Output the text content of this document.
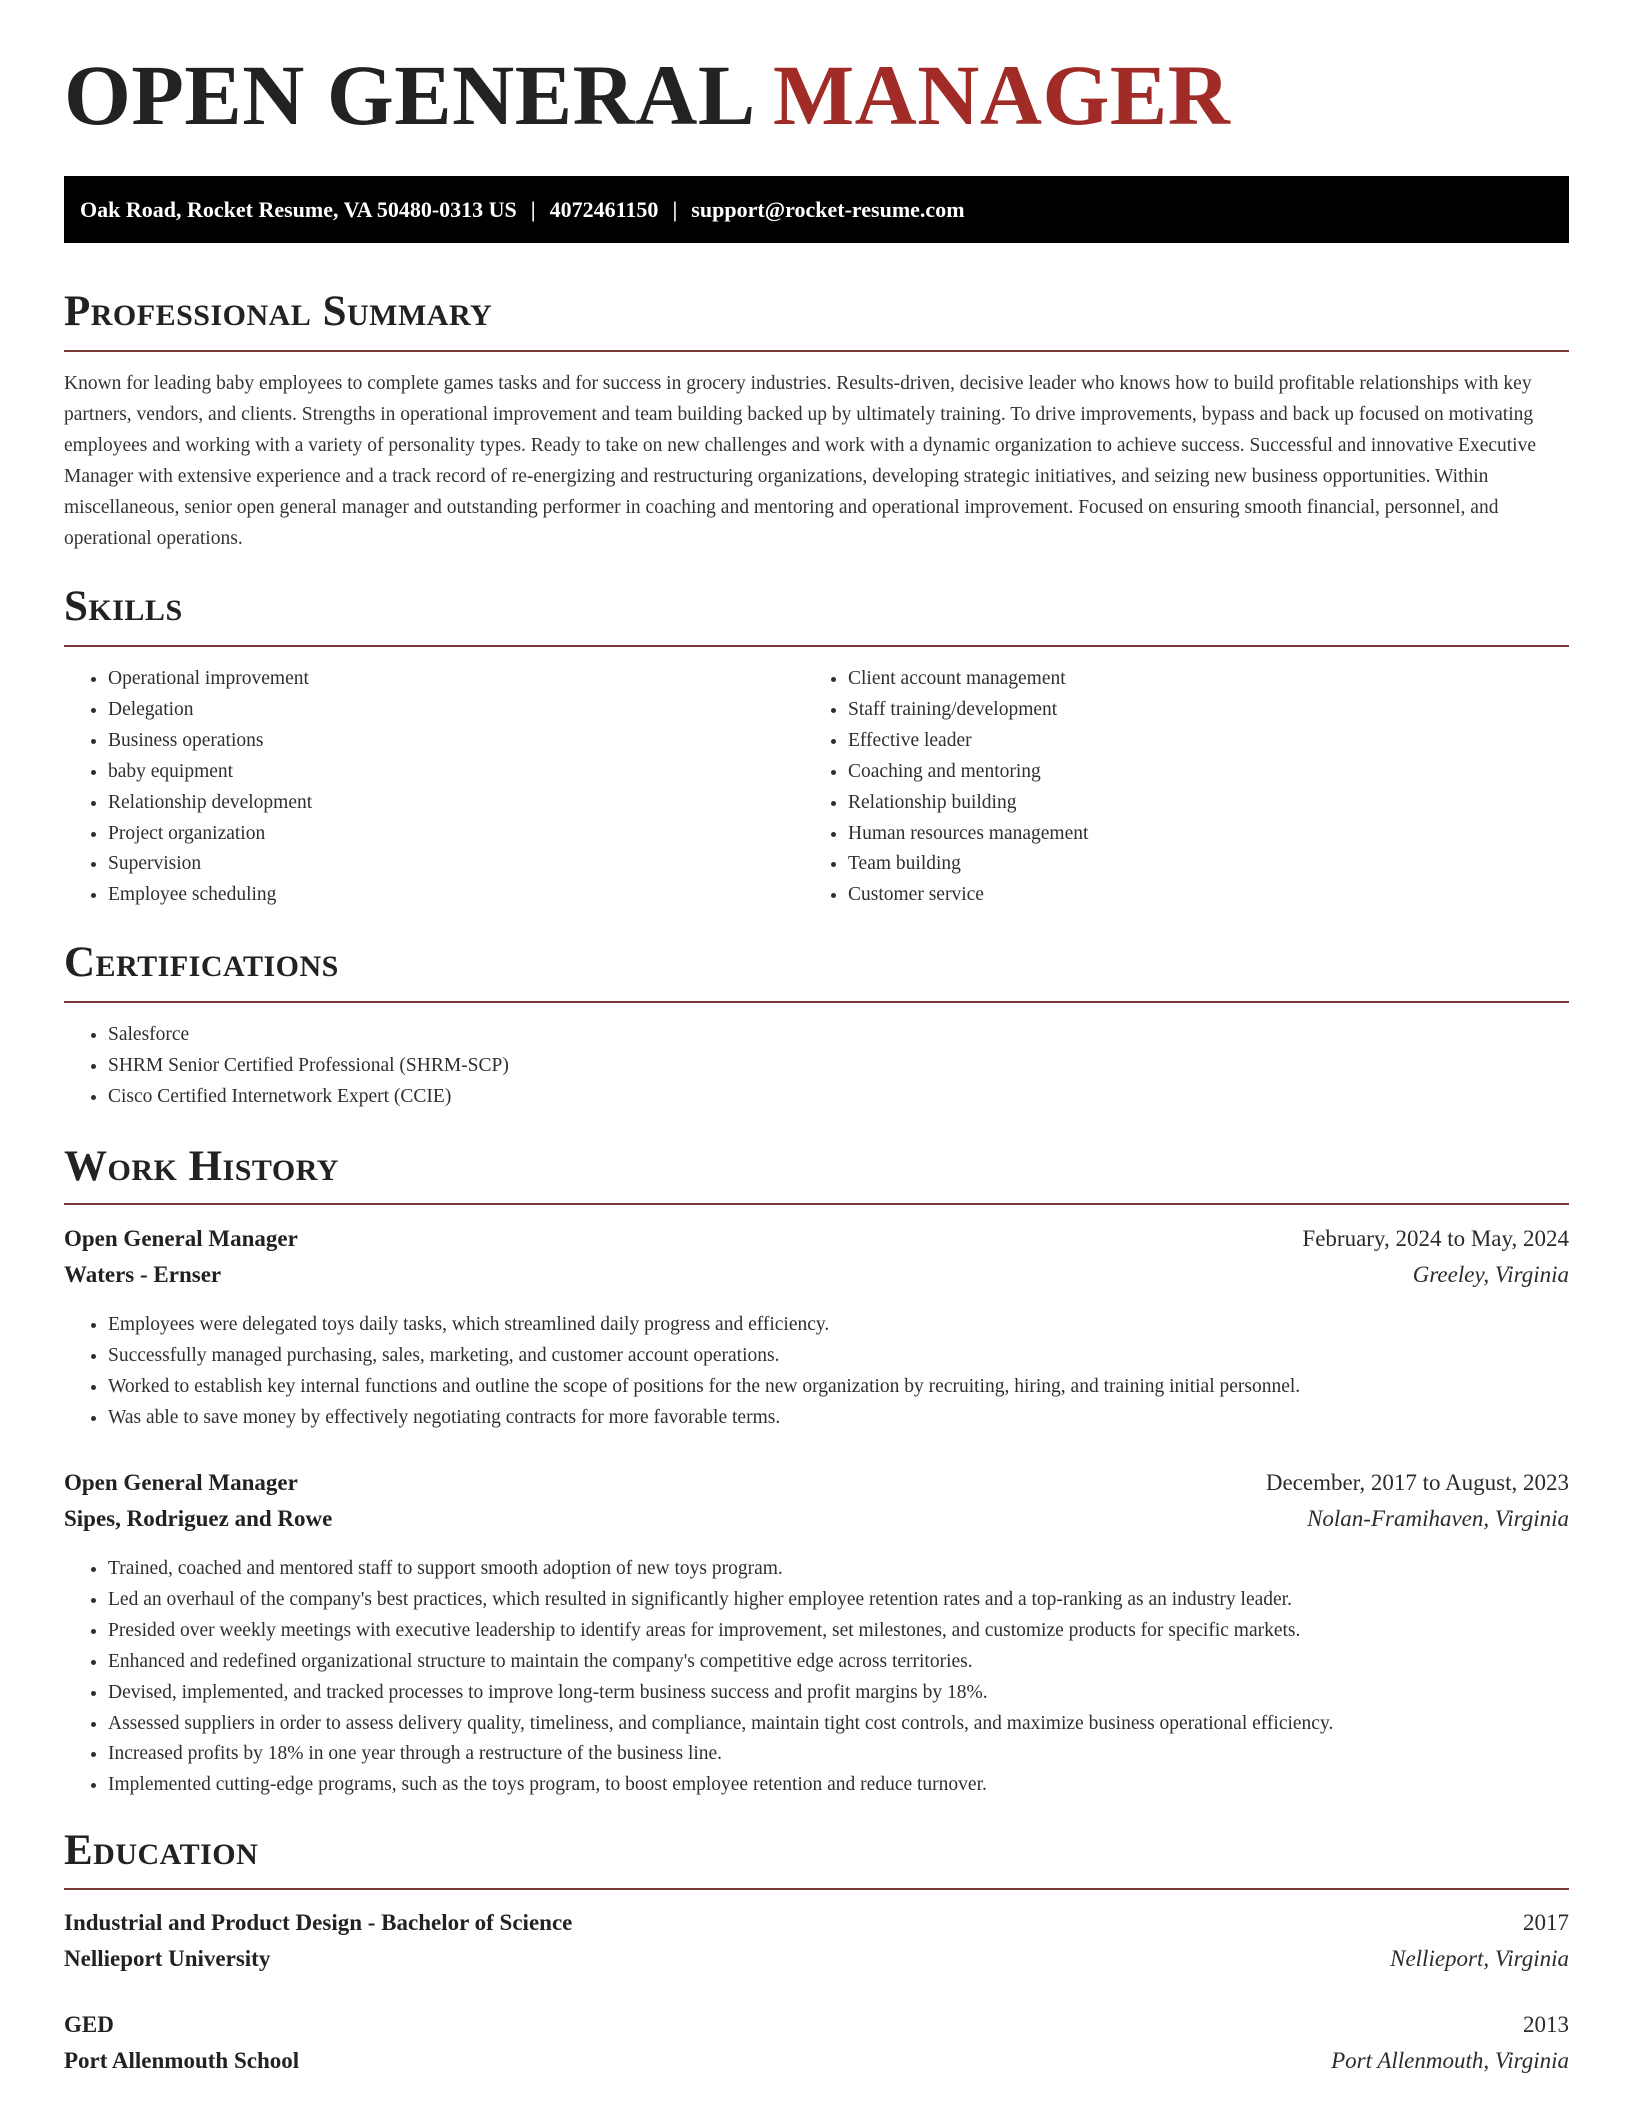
OPEN GENERAL MANAGER
Oak Road, Rocket Resume, VA 50480-0313 US | 4072461150 | support@rocket-resume.com
Professional Summary

Known for leading baby employees to complete games tasks and for success in grocery industries. Results-driven, decisive leader who knows how to build profitable relationships with key partners, vendors, and clients. Strengths in operational improvement and team building backed up by ultimately training. To drive improvements, bypass and back up focused on motivating employees and working with a variety of personality types. Ready to take on new challenges and work with a dynamic organization to achieve success. Successful and innovative Executive Manager with extensive experience and a track record of re-energizing and restructuring organizations, developing strategic initiatives, and seizing new business opportunities. Within miscellaneous, senior open general manager and outstanding performer in coaching and mentoring and operational improvement. Focused on ensuring smooth financial, personnel, and operational operations.

Skills
• Operational improvement
• Delegation
• Business operations
• baby equipment
• Relationship development
• Project organization
• Supervision
• Employee scheduling
• Client account management
• Staff training/development
• Effective leader
• Coaching and mentoring
• Relationship building
• Human resources management
• Team building
• Customer service
Certifications
• Salesforce
• SHRM Senior Certified Professional (SHRM-SCP)
• Cisco Certified Internetwork Expert (CCIE)
Work History
Open General Manager	February, 2024 to May, 2024
Waters - Ernser	Greeley, Virginia
• Employees were delegated toys daily tasks, which streamlined daily progress and efficiency.
• Successfully managed purchasing, sales, marketing, and customer account operations.
• Worked to establish key internal functions and outline the scope of positions for the new organization by recruiting, hiring, and training initial personnel.
• Was able to save money by effectively negotiating contracts for more favorable terms.
Open General Manager	December, 2017 to August, 2023
Sipes, Rodriguez and Rowe	Nolan-Framihaven, Virginia
• Trained, coached and mentored staff to support smooth adoption of new toys program.
• Led an overhaul of the company's best practices, which resulted in significantly higher employee retention rates and a top-ranking as an industry leader.
• Presided over weekly meetings with executive leadership to identify areas for improvement, set milestones, and customize products for specific markets.
• Enhanced and redefined organizational structure to maintain the company's competitive edge across territories.
• Devised, implemented, and tracked processes to improve long-term business success and profit margins by 18%.
• Assessed suppliers in order to assess delivery quality, timeliness, and compliance, maintain tight cost controls, and maximize business operational efficiency.
• Increased profits by 18% in one year through a restructure of the business line.
• Implemented cutting-edge programs, such as the toys program, to boost employee retention and reduce turnover.
Education
Industrial and Product Design - Bachelor of Science	2017
Nellieport University	Nellieport, Virginia
GED	2013
Port Allenmouth School	Port Allenmouth, Virginia
